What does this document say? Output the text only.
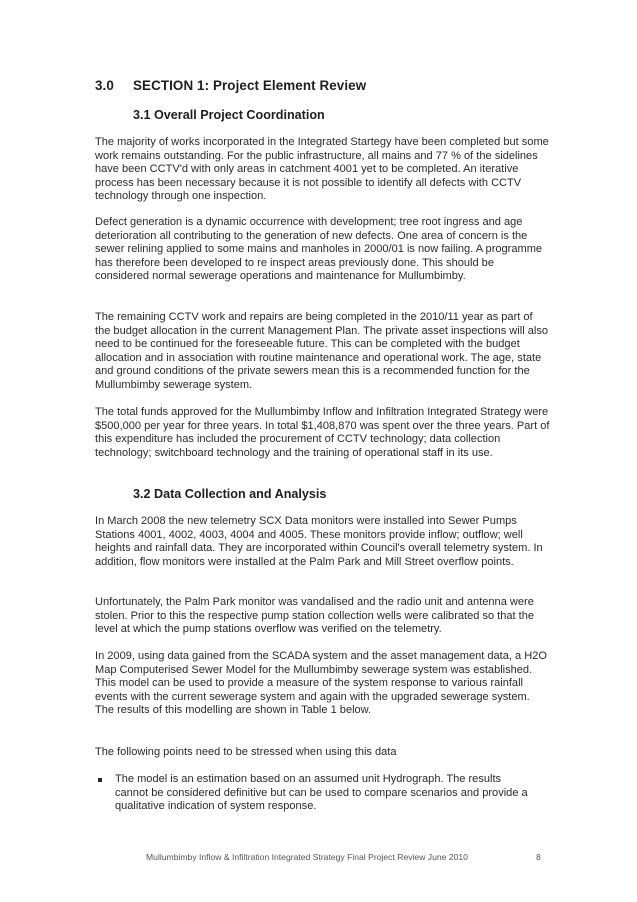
3.0 SECTION 1: Project Element Review
3.1 Overall Project Coordination

The majority of works incorporated in the Integrated Startegy have been completed but some work remains outstanding. For the public infrastructure, all mains and 77 % of the sidelines have been CCTV'd with only areas in catchment 4001 yet to be completed. An iterative process has been necessary because it is not possible to identify all defects with CCTV technology through one inspection.

Defect generation is a dynamic occurrence with development; tree root ingress and age deterioration all contributing to the generation of new defects. One area of concern is the sewer relining applied to some mains and manholes in 2000/01 is now failing. A programme has therefore been developed to re inspect areas previously done. This should be considered normal sewerage operations and maintenance for Mullumbimby.

The remaining CCTV work and repairs are being completed in the 2010/11 year as part of the budget allocation in the current Management Plan. The private asset inspections will also need to be continued for the foreseeable future. This can be completed with the budget allocation and in association with routine maintenance and operational work. The age, state and ground conditions of the private sewers mean this is a recommended function for the Mullumbimby sewerage system.

The total funds approved for the Mullumbimby Inflow and Infiltration Integrated Strategy were $500,000 per year for three years. In total $1,408,870 was spent over the three years. Part of this expenditure has included the procurement of CCTV technology; data collection technology; switchboard technology and the training of operational staff in its use.

3.2 Data Collection and Analysis

In March 2008 the new telemetry SCX Data monitors were installed into Sewer Pumps Stations 4001, 4002, 4003, 4004 and 4005. These monitors provide inflow; outflow; well heights and rainfall data. They are incorporated within Council's overall telemetry system. In addition, flow monitors were installed at the Palm Park and Mill Street overflow points.

Unfortunately, the Palm Park monitor was vandalised and the radio unit and antenna were stolen. Prior to this the respective pump station collection wells were calibrated so that the level at which the pump stations overflow was verified on the telemetry.

In 2009, using data gained from the SCADA system and the asset management data, a H2O Map Computerised Sewer Model for the Mullumbimby sewerage system was established. This model can be used to provide a measure of the system response to various rainfall events with the current sewerage system and again with the upgraded sewerage system. The results of this modelling are shown in Table 1 below.

The following points need to be stressed when using this data

The model is an estimation based on an assumed unit Hydrograph. The results cannot be considered definitive but can be used to compare scenarios and provide a qualitative indication of system response.

Mullumbimby Inflow & Infiltration Integrated Strategy Final Project Review June 2010	8
